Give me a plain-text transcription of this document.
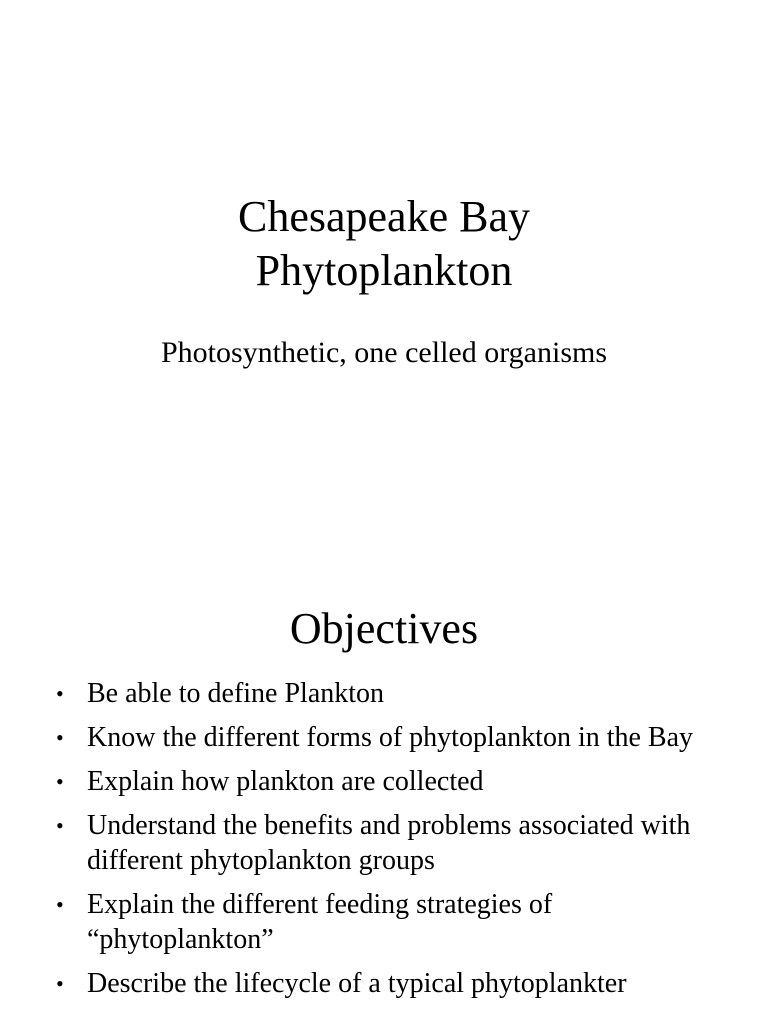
Chesapeake Bay
Phytoplankton

Photosynthetic, one celled organisms

Objectives
• Be able to define Plankton
• Know the different forms of phytoplankton in the Bay
• Explain how plankton are collected
• Understand the benefits and problems associated with different phytoplankton groups
• Explain the different feeding strategies of “phytoplankton”
• Describe the lifecycle of a typical phytoplankter
